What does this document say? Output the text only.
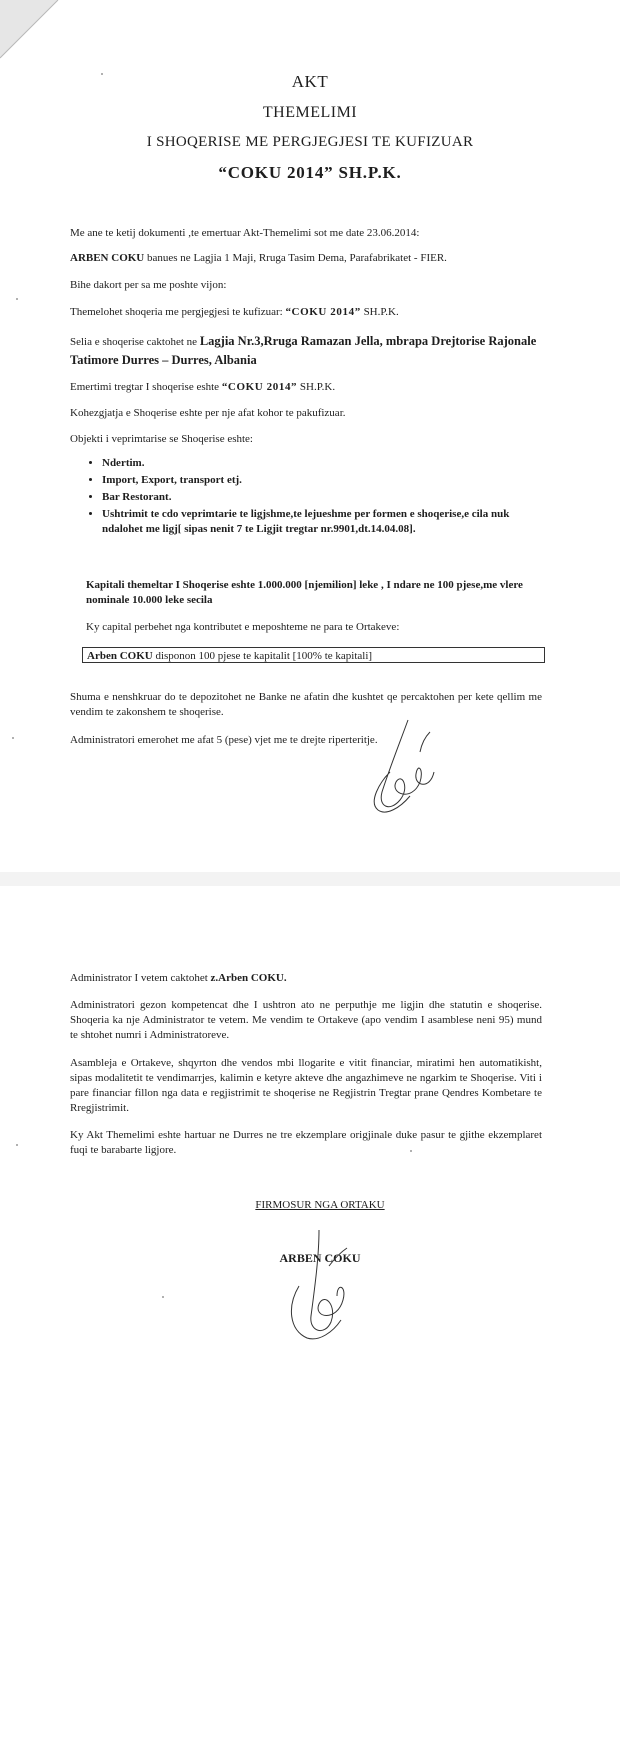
AKT
THEMELIMI
I SHOQERISE ME PERGJEGJESI TE KUFIZUAR
“COKU 2014” SH.P.K.
Me ane te ketij dokumenti ,te emertuar Akt-Themelimi sot me date 23.06.2014:
ARBEN COKU banues ne Lagjia 1 Maji, Rruga Tasim Dema, Parafabrikatet - FIER.
Bihe dakort per sa me poshte vijon:
Themelohet shoqeria me pergjegjesi te kufizuar: “COKU 2014” SH.P.K.
Selia e shoqerise caktohet ne Lagjia Nr.3,Rruga Ramazan Jella, mbrapa Drejtorise Rajonale Tatimore Durres – Durres, Albania
Emertimi tregtar I shoqerise eshte “COKU 2014” SH.P.K.
Kohezgjatja e Shoqerise eshte per nje afat kohor te pakufizuar.
Objekti i veprimtarise se Shoqerise eshte:
• Ndertim.
• Import, Export, transport etj.
• Bar Restorant.
• Ushtrimit te cdo veprimtarie te ligjshme,te lejueshme per formen e shoqerise,e cila nuk ndalohet me ligj[ sipas nenit 7 te Ligjit tregtar nr.9901,dt.14.04.08].
Kapitali themeltar I Shoqerise eshte 1.000.000 [njemilion] leke , I ndare ne 100 pjese,me vlere nominale 10.000 leke secila
Ky capital perbehet nga kontributet e meposhteme ne para te Ortakeve:
Arben COKU disponon 100 pjese te kapitalit [100% te kapitali]
Shuma e nenshkruar do te depozitohet ne Banke ne afatin dhe kushtet qe percaktohen per kete qellim me vendim te zakonshem te shoqerise.
Administratori emerohet me afat 5 (pese) vjet me te drejte riperteritje.
Administrator I vetem caktohet z.Arben COKU.
Administratori gezon kompetencat dhe I ushtron ato ne perputhje me ligjin dhe statutin e shoqerise. Shoqeria ka nje Administrator te vetem. Me vendim te Ortakeve (apo vendim I asamblese neni 95) mund te shtohet numri i Administratoreve.
Asambleja e Ortakeve, shqyrton dhe vendos mbi llogarite e vitit financiar, miratimi hen automatikisht, sipas modalitetit te vendimarrjes, kalimin e ketyre akteve dhe angazhimeve ne ngarkim te Shoqerise. Viti i pare financiar fillon nga data e regjistrimit te shoqerise ne Regjistrin Tregtar prane Qendres Kombetare te Rregjistrimit.
Ky Akt Themelimi eshte hartuar ne Durres ne tre ekzemplare origjinale duke pasur te gjithe ekzemplaret fuqi te barabarte ligjore.
FIRMOSUR NGA ORTAKU
ARBEN COKU
